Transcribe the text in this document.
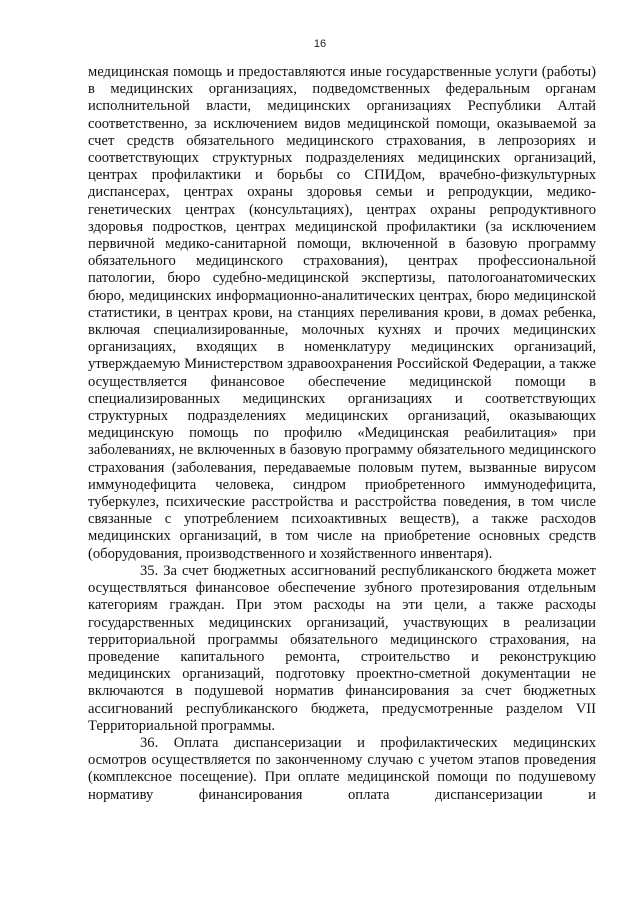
16

медицинская помощь и предоставляются иные государственные услуги (работы) в медицинских организациях, подведомственных федеральным органам исполнительной власти, медицинских организациях Республики Алтай соответственно, за исключением видов медицинской помощи, оказываемой за счет средств обязательного медицинского страхования, в лепрозориях и соответствующих структурных подразделениях медицинских организаций, центрах профилактики и борьбы со СПИДом, врачебно-физкультурных диспансерах, центрах охраны здоровья семьи и репродукции, медико-генетических центрах (консультациях), центрах охраны репродуктивного здоровья подростков, центрах медицинской профилактики (за исключением первичной медико-санитарной помощи, включенной в базовую программу обязательного медицинского страхования), центрах профессиональной патологии, бюро судебно-медицинской экспертизы, патологоанатомических бюро, медицинских информационно-аналитических центрах, бюро медицинской статистики, в центрах крови, на станциях переливания крови, в домах ребенка, включая специализированные, молочных кухнях и прочих медицинских организациях, входящих в номенклатуру медицинских организаций, утверждаемую Министерством здравоохранения Российской Федерации, а также осуществляется финансовое обеспечение медицинской помощи в специализированных медицинских организациях и соответствующих структурных подразделениях медицинских организаций, оказывающих медицинскую помощь по профилю «Медицинская реабилитация» при заболеваниях, не включенных в базовую программу обязательного медицинского страхования (заболевания, передаваемые половым путем, вызванные вирусом иммунодефицита человека, синдром приобретенного иммунодефицита, туберкулез, психические расстройства и расстройства поведения, в том числе связанные с употреблением психоактивных веществ), а также расходов медицинских организаций, в том числе на приобретение основных средств (оборудования, производственного и хозяйственного инвентаря).

35. За счет бюджетных ассигнований республиканского бюджета может осуществляться финансовое обеспечение зубного протезирования отдельным категориям граждан. При этом расходы на эти цели, а также расходы государственных медицинских организаций, участвующих в реализации территориальной программы обязательного медицинского страхования, на проведение капитального ремонта, строительство и реконструкцию медицинских организаций, подготовку проектно-сметной документации не включаются в подушевой норматив финансирования за счет бюджетных ассигнований республиканского бюджета, предусмотренные разделом VII Территориальной программы.

36. Оплата диспансеризации и профилактических медицинских осмотров осуществляется по законченному случаю с учетом этапов проведения (комплексное посещение). При оплате медицинской помощи по подушевому нормативу финансирования оплата диспансеризации и
